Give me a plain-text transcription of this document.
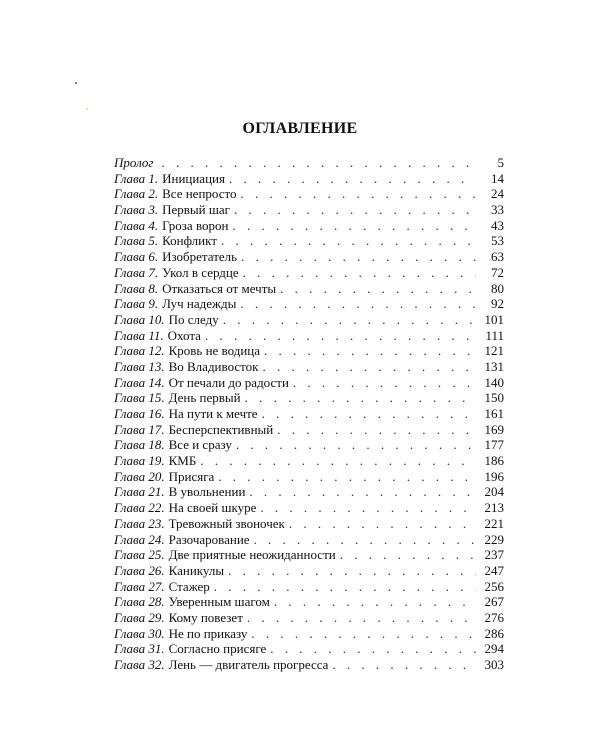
ОГЛАВЛЕНИЕ
Пролог . . .	5
Глава 1. Инициация . . .	14
Глава 2. Все непросто . . .	24
Глава 3. Первый шаг . . .	33
Глава 4. Гроза ворон . . .	43
Глава 5. Конфликт . . .	53
Глава 6. Изобретатель . . .	63
Глава 7. Укол в сердце . . .	72
Глава 8. Отказаться от мечты . . .	80
Глава 9. Луч надежды . . .	92
Глава 10. По следу . . .	101
Глава 11. Охота . . .	111
Глава 12. Кровь не водица . . .	121
Глава 13. Во Владивосток . . .	131
Глава 14. От печали до радости . . .	140
Глава 15. День первый . . .	150
Глава 16. На пути к мечте . . .	161
Глава 17. Бесперспективный . . .	169
Глава 18. Все и сразу . . .	177
Глава 19. КМБ . . .	186
Глава 20. Присяга . . .	196
Глава 21. В увольнении . . .	204
Глава 22. На своей шкуре . . .	213
Глава 23. Тревожный звоночек . . .	221
Глава 24. Разочарование . . .	229
Глава 25. Две приятные неожиданности . . .	237
Глава 26. Каникулы . . .	247
Глава 27. Стажер . . .	256
Глава 28. Уверенным шагом . . .	267
Глава 29. Кому повезет . . .	276
Глава 30. Не по приказу . . .	286
Глава 31. Согласно присяге . . .	294
Глава 32. Лень — двигатель прогресса . . .	303
